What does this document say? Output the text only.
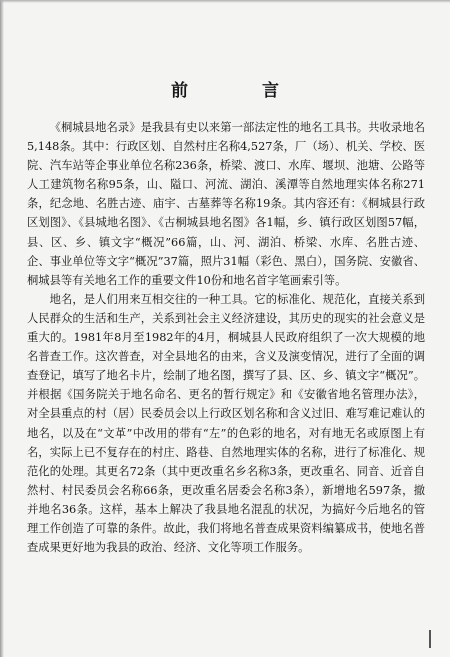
前 言

《桐城县地名录》是我县有史以来第一部法定性的地名工具书。共收录地名5,148条。其中：行政区划、自然村庄名称4,527条，厂（场）、机关、学校、医院、汽车站等企事业单位名称236条，桥梁、渡口、水库、堰坝、池塘、公路等人工建筑物名称95条，山、隘口、河流、湖泊、溪潭等自然地理实体名称271条，纪念地、名胜古迹、庙宇、古墓葬等名称19条。其内容还有：《桐城县行政区划图》、《县城地名图》、《古桐城县地名图》各1幅，乡、镇行政区划图57幅，县、区、乡、镇文字“概况”66篇，山、河、湖泊、桥梁、水库、名胜古迹、企、事业单位等文字“概况”37篇，照片31幅（彩色、黑白），国务院、安徽省、桐城县等有关地名工作的重要文件10份和地名首字笔画索引等。

地名，是人们用来互相交往的一种工具。它的标准化、规范化，直接关系到人民群众的生活和生产，关系到社会主义经济建设，其历史的现实的社会意义是重大的。1981年8月至1982年的4月，桐城县人民政府组织了一次大规模的地名普查工作。这次普查，对全县地名的由来，含义及演变情况，进行了全面的调查登记，填写了地名卡片，绘制了地名图，撰写了县、区、乡、镇文字“概况”。并根据《国务院关于地名命名、更名的暂行规定》和《安徽省地名管理办法》，对全县重点的村（居）民委员会以上行政区划名称和含义过旧、难写难记难认的地名，以及在“文革”中改用的带有“左”的色彩的地名，对有地无名或原图上有名，实际上已不复存在的村庄、路巷、自然地理实体的名称，进行了标准化、规范化的处理。其更名72条（其中更改重名乡名称3条，更改重名、同音、近音自然村、村民委员会名称66条，更改重名居委会名称3条），新增地名597条，撤并地名36条。这样，基本上解决了我县地名混乱的状况，为搞好今后地名的管理工作创造了可靠的条件。故此，我们将地名普查成果资料编纂成书，使地名普查成果更好地为我县的政治、经济、文化等项工作服务。
